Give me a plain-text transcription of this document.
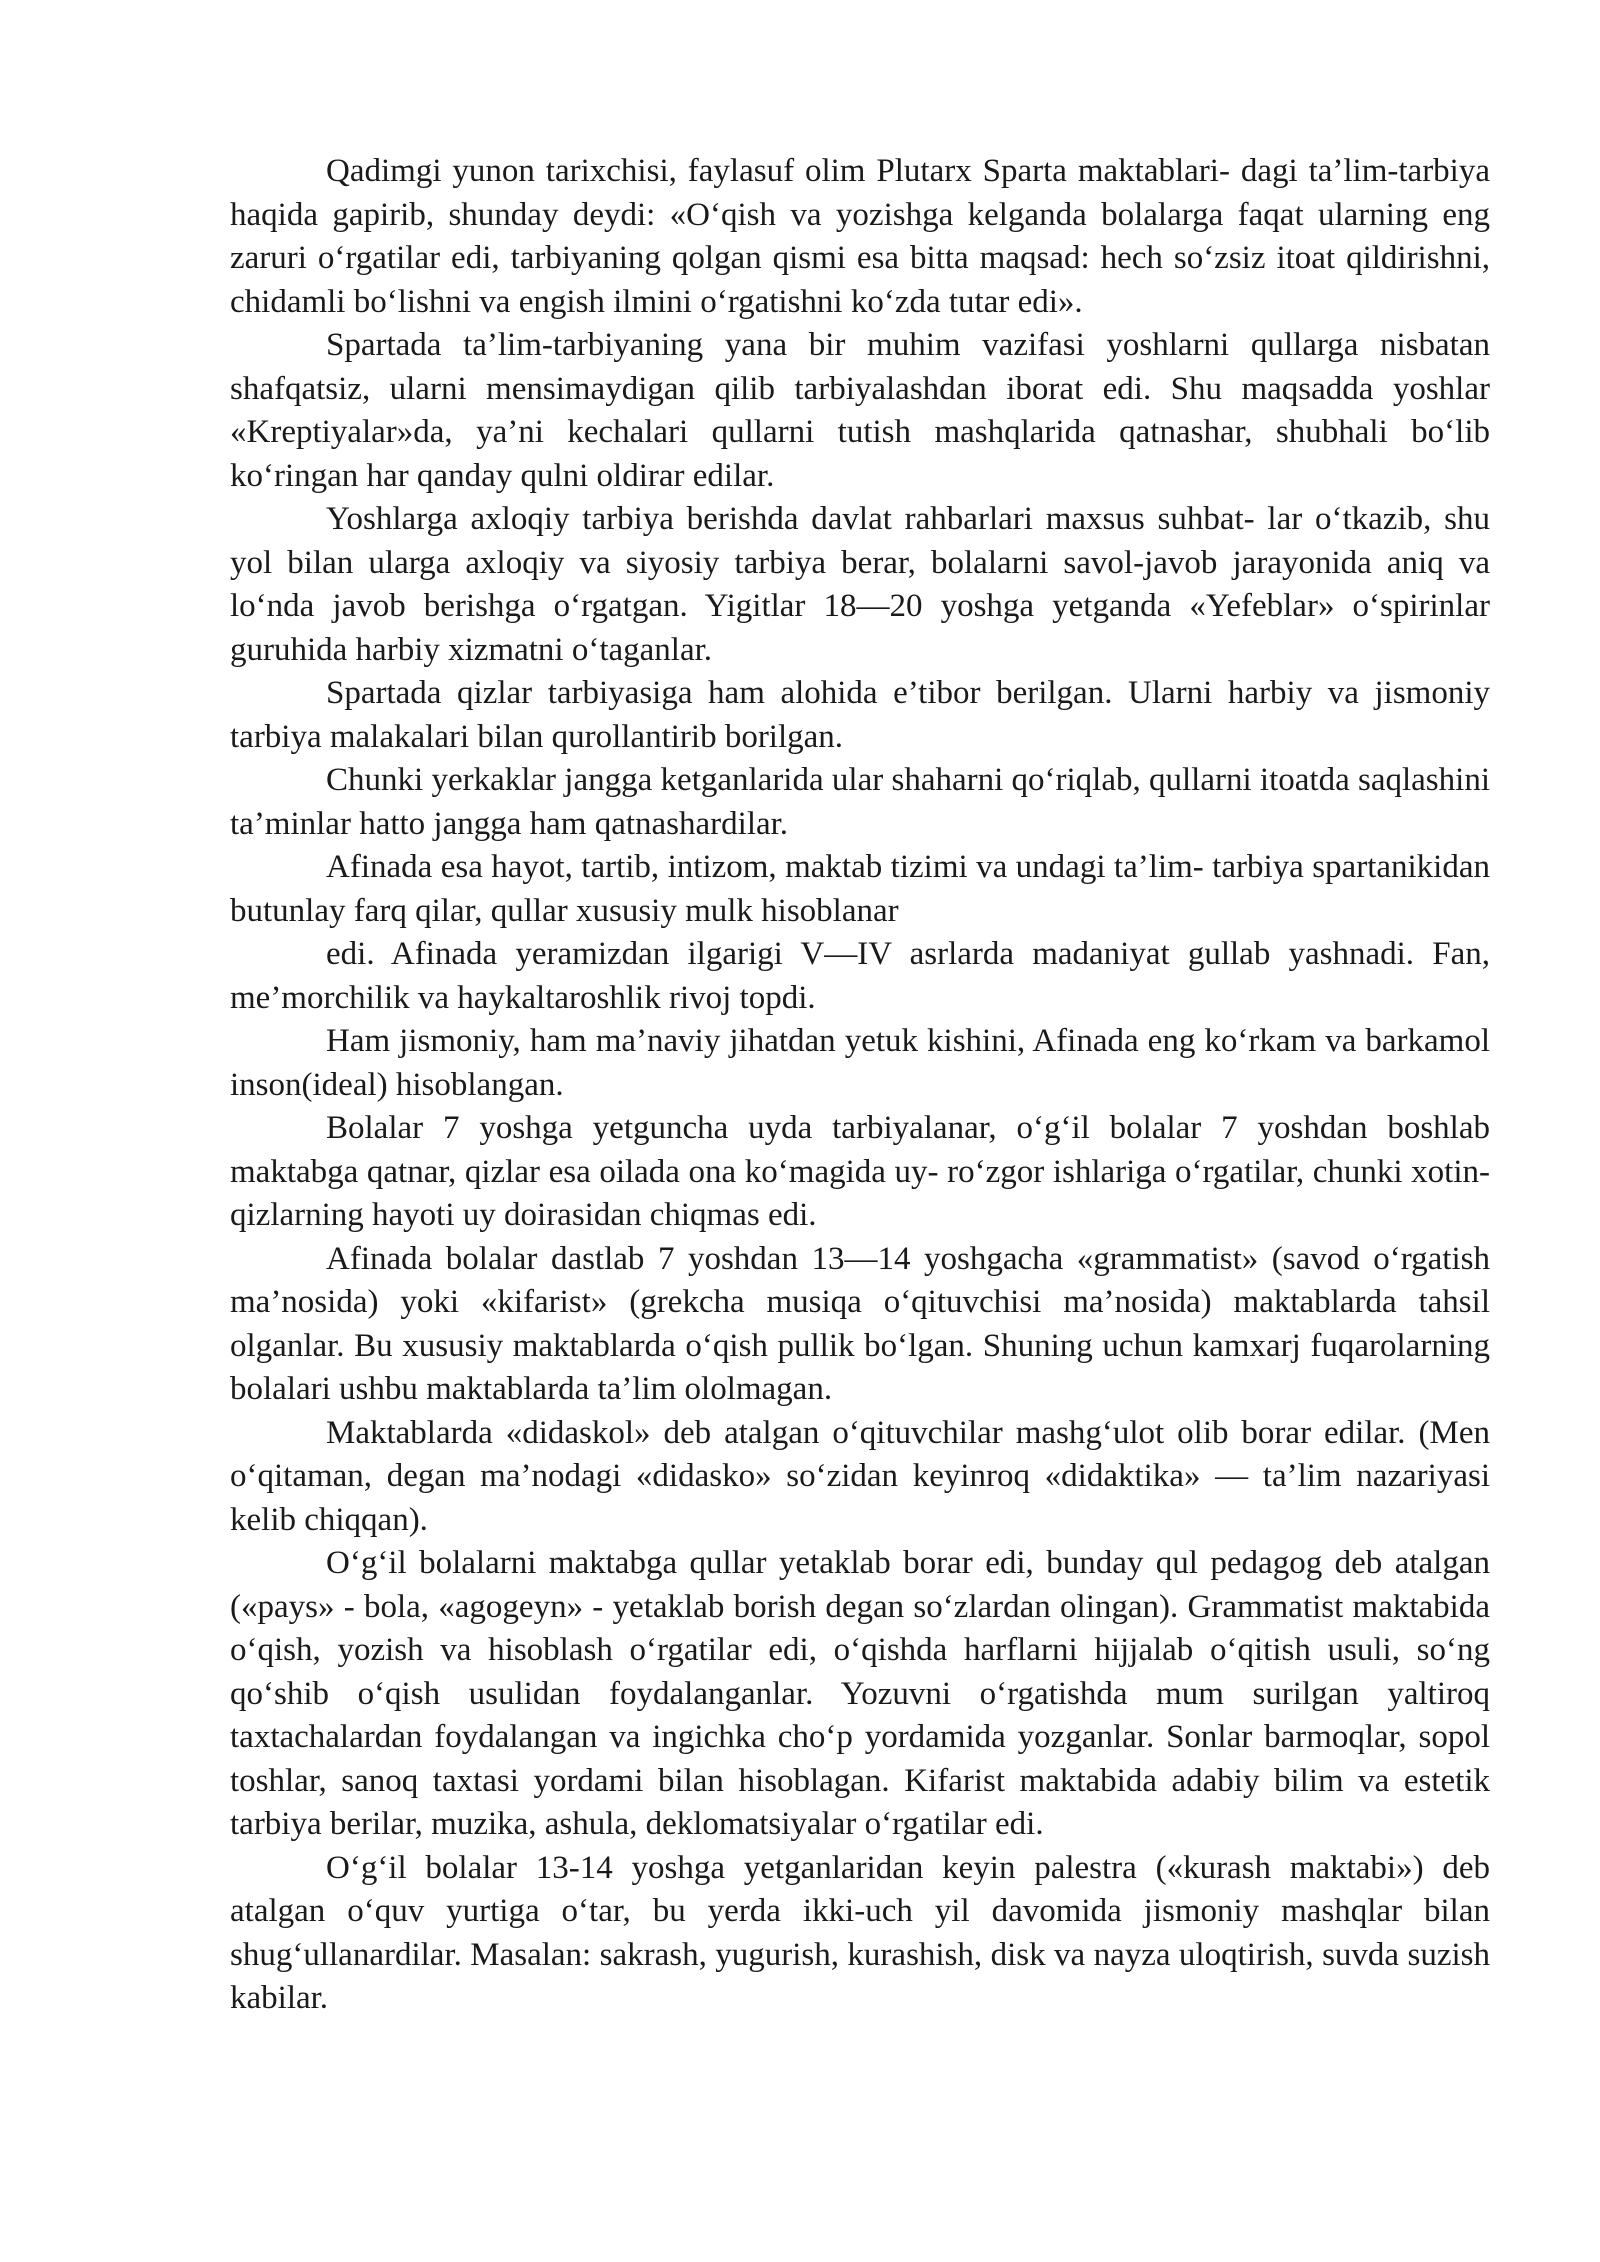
Qadimgi yunon tarixchisi, faylasuf olim Plutarx Sparta maktablari- dagi ta’lim-tarbiya haqida gapirib, shunday deydi: «O‘qish va yozishga kelganda bolalarga faqat ularning eng zaruri o‘rgatilar edi, tarbiyaning qolgan qismi esa bitta maqsad: hech so‘zsiz itoat qildirishni, chidamli bo‘lishni va engish ilmini o‘rgatishni ko‘zda tutar edi».

Spartada ta’lim-tarbiyaning yana bir muhim vazifasi yoshlarni qullarga nisbatan shafqatsiz, ularni mensimaydigan qilib tarbiyalashdan iborat edi. Shu maqsadda yoshlar «Kreptiyalar»da, ya’ni kechalari qullarni tutish mashqlarida qatnashar, shubhali bo‘lib ko‘ringan har qanday qulni oldirar edilar.

Yoshlarga axloqiy tarbiya berishda davlat rahbarlari maxsus suhbat- lar o‘tkazib, shu yol bilan ularga axloqiy va siyosiy tarbiya berar, bolalarni savol-javob jarayonida aniq va lo‘nda javob berishga o‘rgatgan. Yigitlar 18—20 yoshga yetganda «Yefeblar» o‘spirinlar guruhida harbiy xizmatni o‘taganlar.

Spartada qizlar tarbiyasiga ham alohida e’tibor berilgan. Ularni harbiy va jismoniy tarbiya malakalari bilan qurollantirib borilgan.

Chunki yerkaklar jangga ketganlarida ular shaharni qo‘riqlab, qullarni itoatda saqlashini ta’minlar hatto jangga ham qatnashardilar.

Afinada esa hayot, tartib, intizom, maktab tizimi va undagi ta’lim- tarbiya spartanikidan butunlay farq qilar, qullar xususiy mulk hisoblanar

edi. Afinada yeramizdan ilgarigi V—IV asrlarda madaniyat gullab yashnadi. Fan, me’morchilik va haykaltaroshlik rivoj topdi.

Ham jismoniy, ham ma’naviy jihatdan yetuk kishini, Afinada eng ko‘rkam va barkamol inson(ideal) hisoblangan.

Bolalar 7 yoshga yetguncha uyda tarbiyalanar, o‘g‘il bolalar 7 yoshdan boshlab maktabga qatnar, qizlar esa oilada ona ko‘magida uy- ro‘zgor ishlariga o‘rgatilar, chunki xotin-qizlarning hayoti uy doirasidan chiqmas edi.

Afinada bolalar dastlab 7 yoshdan 13—14 yoshgacha «grammatist» (savod o‘rgatish ma’nosida) yoki «kifarist» (grekcha musiqa o‘qituvchisi ma’nosida) maktablarda tahsil olganlar. Bu xususiy maktablarda o‘qish pullik bo‘lgan. Shuning uchun kamxarj fuqarolarning bolalari ushbu maktablarda ta’lim ololmagan.

Maktablarda «didaskol» deb atalgan o‘qituvchilar mashg‘ulot olib borar edilar. (Men o‘qitaman, degan ma’nodagi «didasko» so‘zidan keyinroq «didaktika» — ta’lim nazariyasi kelib chiqqan).

O‘g‘il bolalarni maktabga qullar yetaklab borar edi, bunday qul pedagog deb atalgan («pays» - bola, «agogeyn» - yetaklab borish degan so‘zlardan olingan). Grammatist maktabida o‘qish, yozish va hisoblash o‘rgatilar edi, o‘qishda harflarni hijjalab o‘qitish usuli, so‘ng qo‘shib o‘qish usulidan foydalanganlar. Yozuvni o‘rgatishda mum surilgan yaltiroq taxtachalardan foydalangan va ingichka cho‘p yordamida yozganlar. Sonlar barmoqlar, sopol toshlar, sanoq taxtasi yordami bilan hisoblagan. Kifarist maktabida adabiy bilim va estetik tarbiya berilar, muzika, ashula, deklomatsiyalar o‘rgatilar edi.

O‘g‘il bolalar 13-14 yoshga yetganlaridan keyin palestra («kurash maktabi») deb atalgan o‘quv yurtiga o‘tar, bu yerda ikki-uch yil davomida jismoniy mashqlar bilan shug‘ullanardilar. Masalan: sakrash, yugurish, kurashish, disk va nayza uloqtirish, suvda suzish kabilar.
